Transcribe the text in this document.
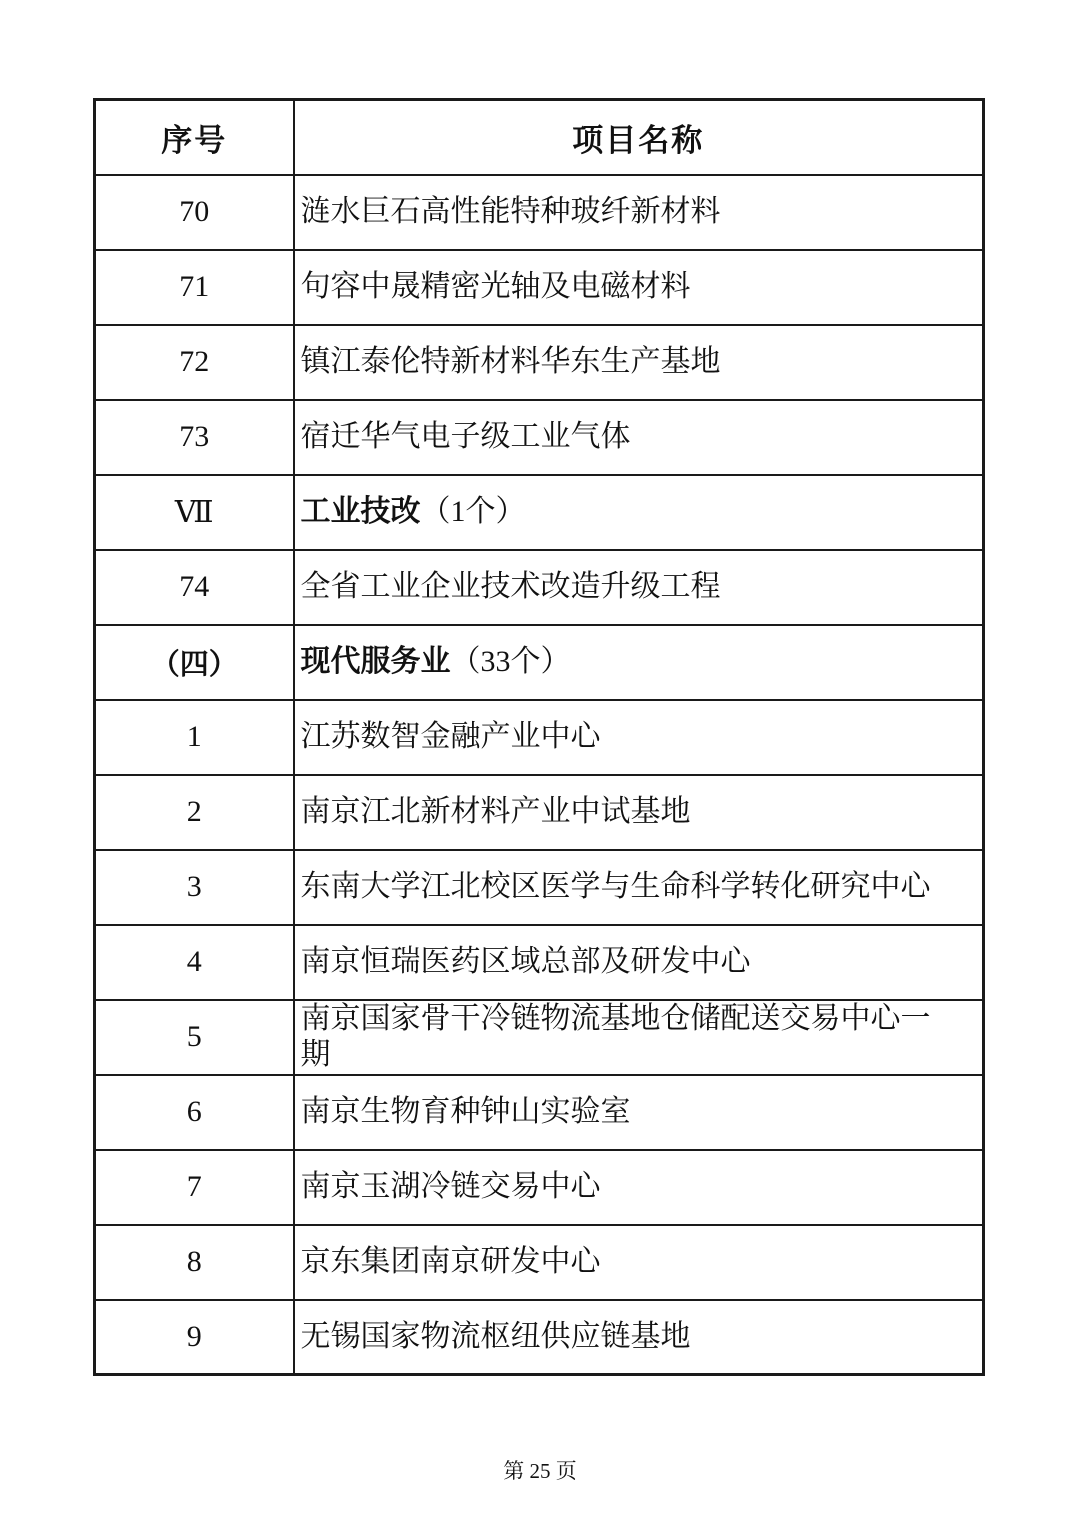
序号	项目名称
70	涟水巨石高性能特种玻纤新材料
71	句容中晟精密光轴及电磁材料
72	镇江泰伦特新材料华东生产基地
73	宿迁华气电子级工业气体
Ⅶ	工业技改（1个）
74	全省工业企业技术改造升级工程
（四）	现代服务业（33个）
1	江苏数智金融产业中心
2	南京江北新材料产业中试基地
3	东南大学江北校区医学与生命科学转化研究中心
4	南京恒瑞医药区域总部及研发中心
5	南京国家骨干冷链物流基地仓储配送交易中心一期
6	南京生物育种钟山实验室
7	南京玉湖冷链交易中心
8	京东集团南京研发中心
9	无锡国家物流枢纽供应链基地
第 25 页
